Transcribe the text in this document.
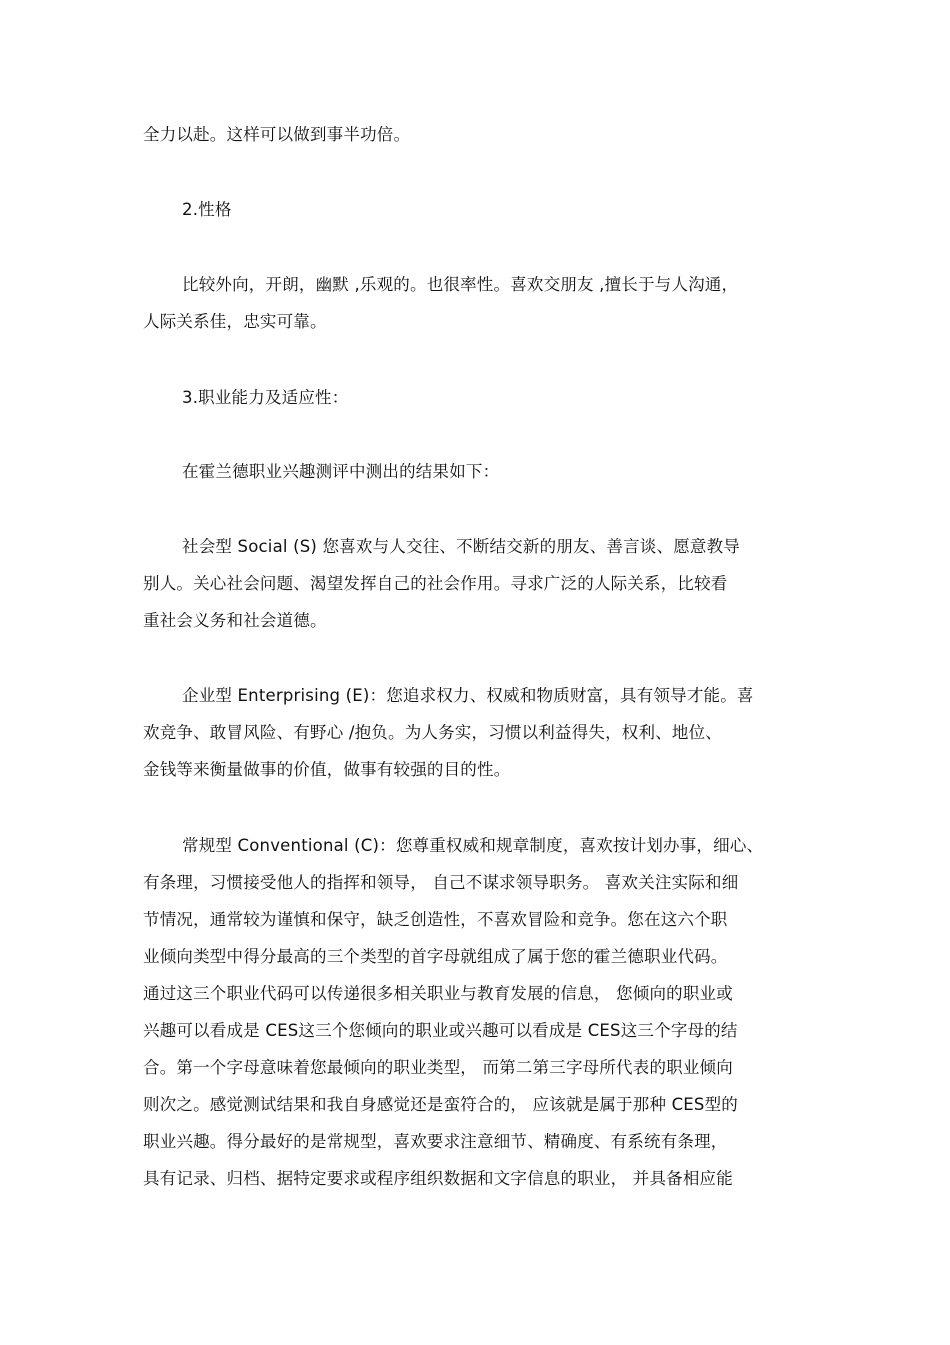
全力以赴。这样可以做到事半功倍。
2.性格
比较外向，开朗，幽默 ,乐观的。也很率性。喜欢交朋友 ,擅长于与人沟通，
人际关系佳，忠实可靠。
3.职业能力及适应性：
在霍兰德职业兴趣测评中测出的结果如下：
社会型 Social (S) 您喜欢与人交往、不断结交新的朋友、善言谈、愿意教导
别人。关心社会问题、渴望发挥自己的社会作用。寻求广泛的人际关系，比较看
重社会义务和社会道德。
企业型 Enterprising (E)：您追求权力、权威和物质财富，具有领导才能。喜
欢竞争、敢冒风险、有野心 /抱负。为人务实，习惯以利益得失，权利、地位、
金钱等来衡量做事的价值，做事有较强的目的性。
常规型 Conventional (C)：您尊重权威和规章制度，喜欢按计划办事，细心、
有条理，习惯接受他人的指挥和领导， 自己不谋求领导职务。 喜欢关注实际和细
节情况，通常较为谨慎和保守，缺乏创造性，不喜欢冒险和竞争。您在这六个职
业倾向类型中得分最高的三个类型的首字母就组成了属于您的霍兰德职业代码。
通过这三个职业代码可以传递很多相关职业与教育发展的信息， 您倾向的职业或
兴趣可以看成是 CES这三个您倾向的职业或兴趣可以看成是 CES这三个字母的结
合。第一个字母意味着您最倾向的职业类型， 而第二第三字母所代表的职业倾向
则次之。感觉测试结果和我自身感觉还是蛮符合的， 应该就是属于那种 CES型的
职业兴趣。得分最好的是常规型，喜欢要求注意细节、精确度、有系统有条理，
具有记录、归档、据特定要求或程序组织数据和文字信息的职业， 并具备相应能
